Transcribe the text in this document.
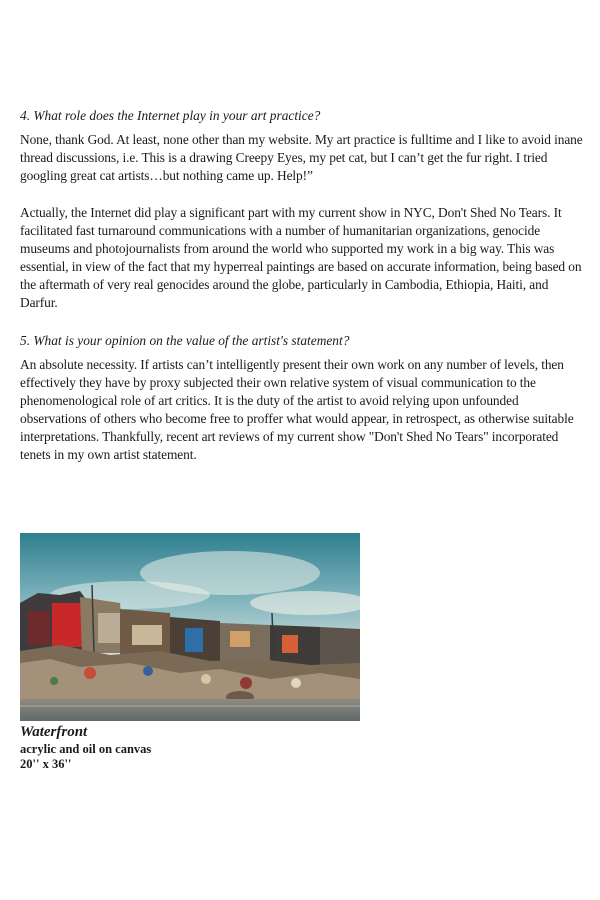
4. What role does the Internet play in your art practice?

None, thank God. At least, none other than my website. My art practice is fulltime and I like to avoid inane thread discussions, i.e. This is a drawing Creepy Eyes, my pet cat, but I can’t get the fur right. I tried googling great cat artists…but nothing came up. Help!”

Actually, the Internet did play a significant part with my current show in NYC, Don't Shed No Tears. It facilitated fast turnaround communications with a number of humanitarian organizations, genocide museums and photojournalists from around the world who supported my work in a big way. This was essential, in view of the fact that my hyperreal paintings are based on accurate information, being based on the aftermath of very real genocides around the globe, particularly in Cambodia, Ethiopia, Haiti, and Darfur.

5. What is your opinion on the value of the artist's statement?

An absolute necessity. If artists can’t intelligently present their own work on any number of levels, then effectively they have by proxy subjected their own relative system of visual communication to the phenomenological role of art critics. It is the duty of the artist to avoid relying upon unfounded observations of others who become free to proffer what would appear, in retrospect, as otherwise suitable interpretations. Thankfully, recent art reviews of my current show "Don't Shed No Tears" incorporated tenets in my own artist statement.

Waterfront
acrylic and oil on canvas
20'' x 36''
